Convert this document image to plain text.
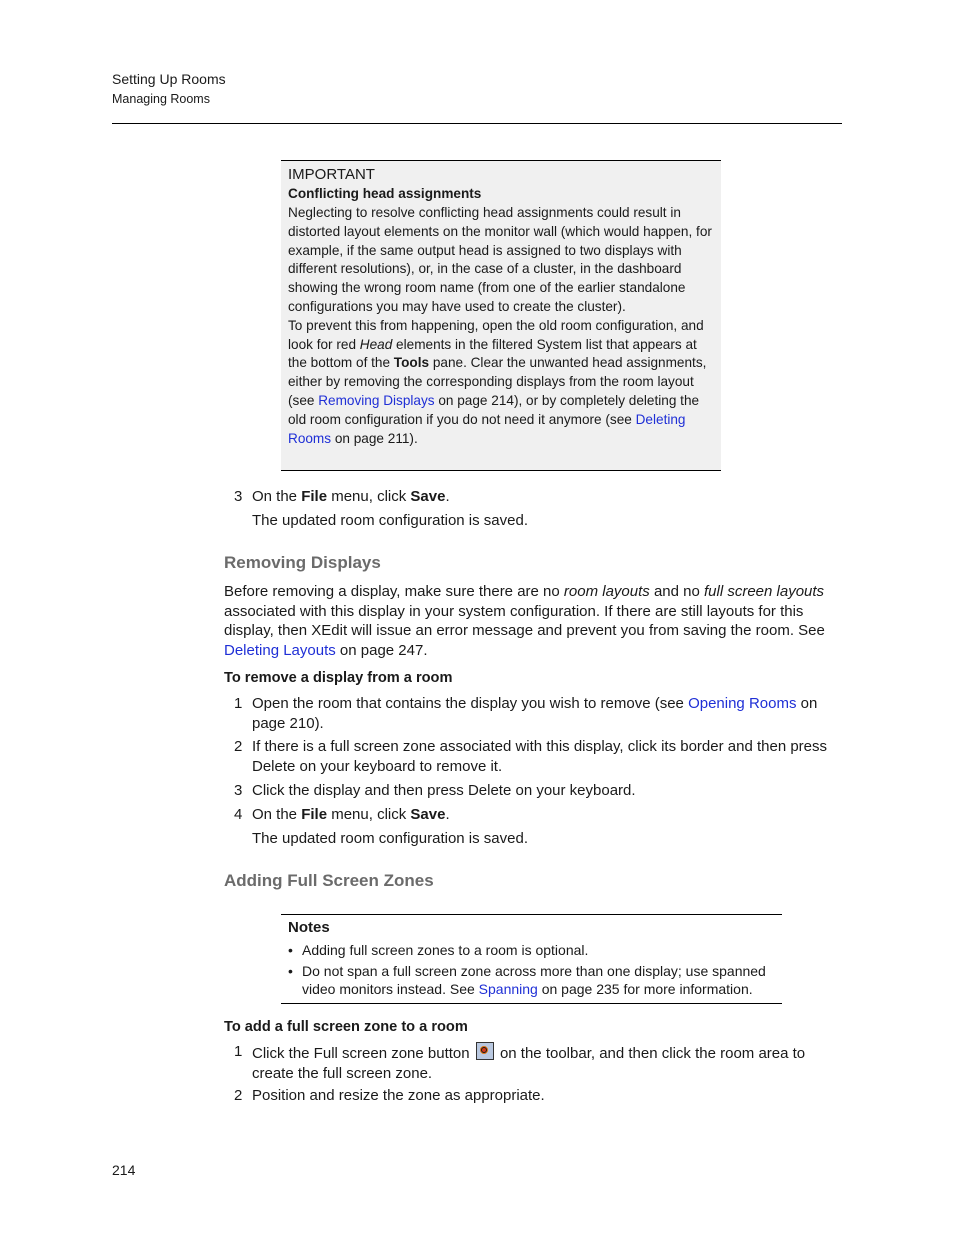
Setting Up Rooms
Managing Rooms
IMPORTANT
Conflicting head assignments

Neglecting to resolve conflicting head assignments could result in distorted layout elements on the monitor wall (which would happen, for example, if the same output head is assigned to two displays with different resolutions), or, in the case of a cluster, in the dashboard showing the wrong room name (from one of the earlier standalone configurations you may have used to create the cluster).

To prevent this from happening, open the old room configuration, and look for red Head elements in the filtered System list that appears at the bottom of the Tools pane. Clear the unwanted head assignments, either by removing the corresponding displays from the room layout (see Removing Displays on page 214), or by completely deleting the old room configuration if you do not need it anymore (see Deleting Rooms on page 211).

3 On the File menu, click Save.
The updated room configuration is saved.
Removing Displays
Before removing a display, make sure there are no room layouts and no full screen layouts associated with this display in your system configuration. If there are still layouts for this display, then XEdit will issue an error message and prevent you from saving the room. See Deleting Layouts on page 247.
To remove a display from a room
1 Open the room that contains the display you wish to remove (see Opening Rooms on page 210).
2 If there is a full screen zone associated with this display, click its border and then press Delete on your keyboard to remove it.
3 Click the display and then press Delete on your keyboard.
4 On the File menu, click Save.
The updated room configuration is saved.
Adding Full Screen Zones
Notes
• Adding full screen zones to a room is optional.
• Do not span a full screen zone across more than one display; use spanned video monitors instead. See Spanning on page 235 for more information.
To add a full screen zone to a room
1 Click the Full screen zone button
on the toolbar, and then click the room area to create the full screen zone.
2 Position and resize the zone as appropriate.
214
